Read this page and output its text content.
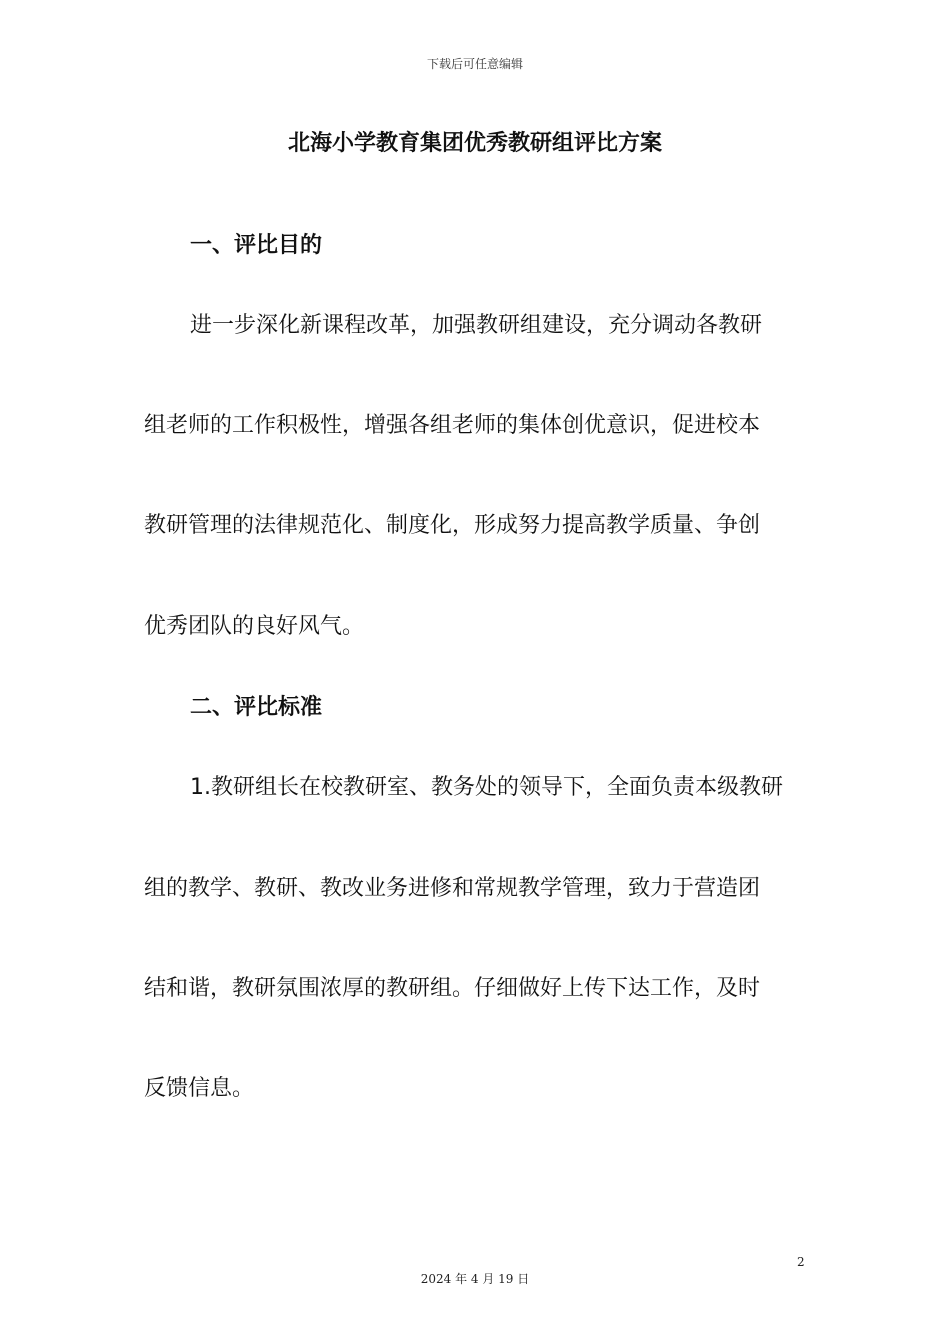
下载后可任意编辑
北海小学教育集团优秀教研组评比方案
一、评比目的

进一步深化新课程改革，加强教研组建设，充分调动各教研

组老师的工作积极性，增强各组老师的集体创优意识，促进校本

教研管理的法律规范化、制度化，形成努力提高教学质量、争创

优秀团队的良好风气。

二、评比标准

1.教研组长在校教研室、教务处的领导下，全面负责本级教研

组的教学、教研、教改业务进修和常规教学管理，致力于营造团

结和谐，教研氛围浓厚的教研组。仔细做好上传下达工作，及时

反馈信息。

2
2024 年 4 月 19 日
